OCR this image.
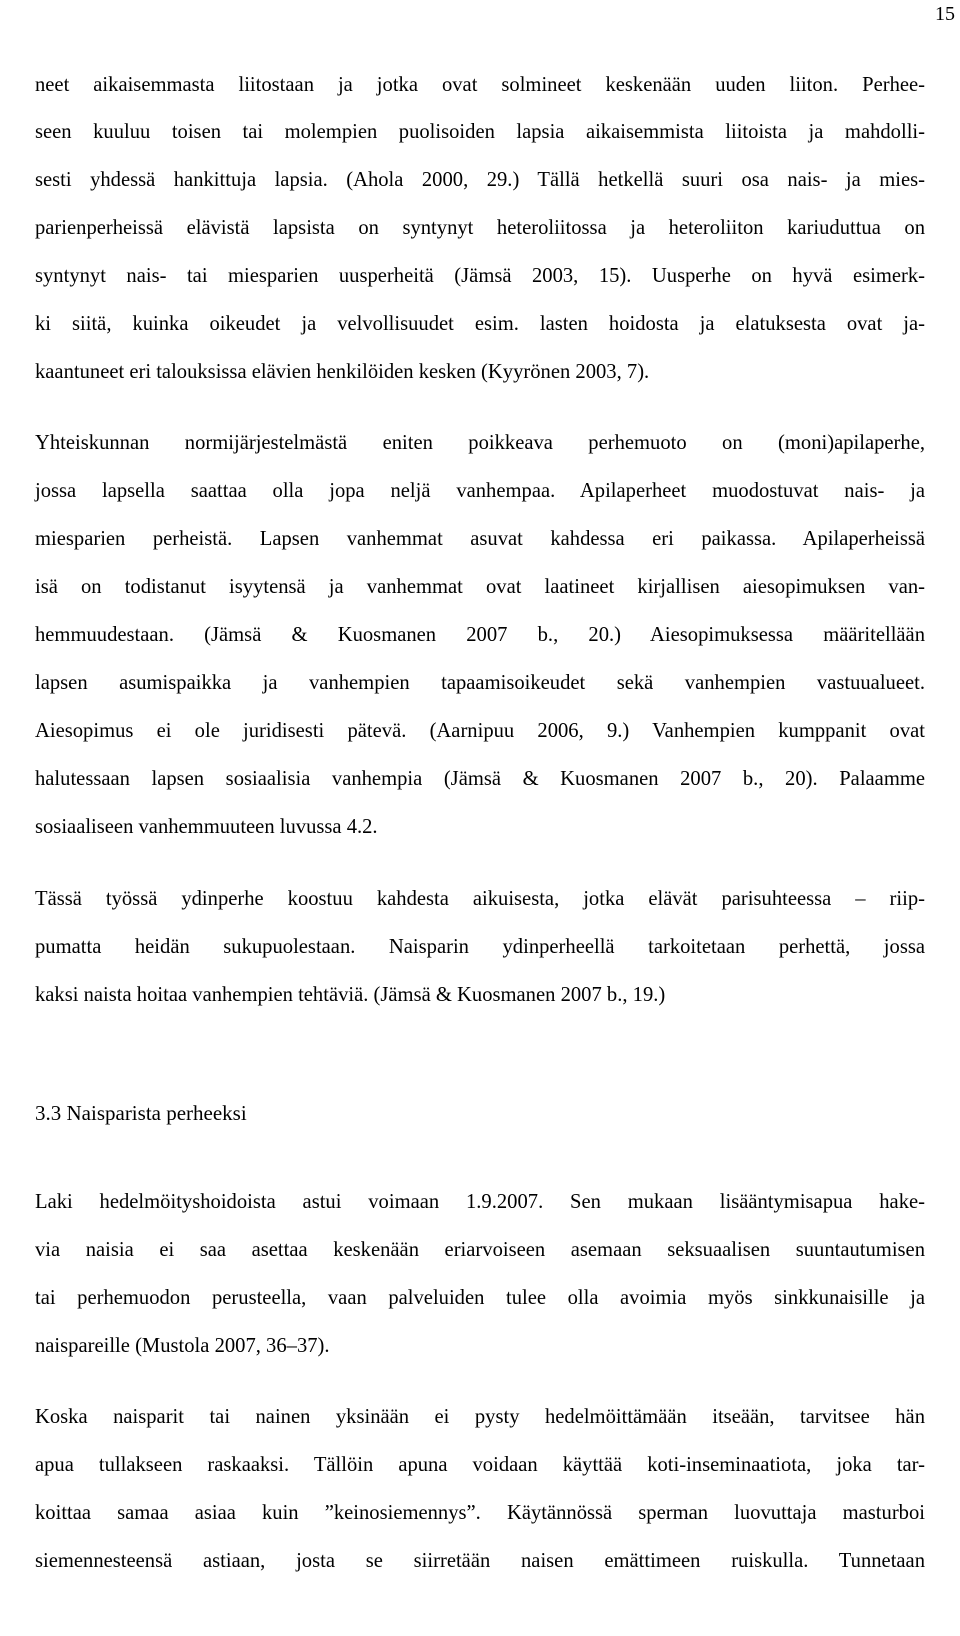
15
neet aikaisemmasta liitostaan ja jotka ovat solmineet keskenään uuden liiton. Perhee-
seen kuuluu toisen tai molempien puolisoiden lapsia aikaisemmista liitoista ja mahdolli-
sesti yhdessä hankittuja lapsia. (Ahola 2000, 29.) Tällä hetkellä suuri osa nais- ja mies-
parienperheissä elävistä lapsista on syntynyt heteroliitossa ja heteroliiton kariuduttua on
syntynyt nais- tai miesparien uusperheitä (Jämsä 2003, 15). Uusperhe on hyvä esimerk-
ki siitä, kuinka oikeudet ja velvollisuudet esim. lasten hoidosta ja elatuksesta ovat ja-
kaantuneet eri talouksissa elävien henkilöiden kesken (Kyyrönen 2003, 7).
Yhteiskunnan normijärjestelmästä eniten poikkeava perhemuoto on (moni)apilaperhe,
jossa lapsella saattaa olla jopa neljä vanhempaa. Apilaperheet muodostuvat nais- ja
miesparien perheistä. Lapsen vanhemmat asuvat kahdessa eri paikassa. Apilaperheissä
isä on todistanut isyytensä ja vanhemmat ovat laatineet kirjallisen aiesopimuksen van-
hemmuudestaan. (Jämsä & Kuosmanen 2007 b., 20.) Aiesopimuksessa määritellään
lapsen asumispaikka ja vanhempien tapaamisoikeudet sekä vanhempien vastuualueet.
Aiesopimus ei ole juridisesti pätevä. (Aarnipuu 2006, 9.) Vanhempien kumppanit ovat
halutessaan lapsen sosiaalisia vanhempia (Jämsä & Kuosmanen 2007 b., 20). Palaamme
sosiaaliseen vanhemmuuteen luvussa 4.2.
Tässä työssä ydinperhe koostuu kahdesta aikuisesta, jotka elävät parisuhteessa – riip-
pumatta heidän sukupuolestaan. Naisparin ydinperheellä tarkoitetaan perhettä, jossa
kaksi naista hoitaa vanhempien tehtäviä. (Jämsä & Kuosmanen 2007 b., 19.)
3.3 Naisparista perheeksi
Laki hedelmöityshoidoista astui voimaan 1.9.2007. Sen mukaan lisääntymisapua hake-
via naisia ei saa asettaa keskenään eriarvoiseen asemaan seksuaalisen suuntautumisen
tai perhemuodon perusteella, vaan palveluiden tulee olla avoimia myös sinkkunaisille ja
naispareille (Mustola 2007, 36–37).
Koska naisparit tai nainen yksinään ei pysty hedelmöittämään itseään, tarvitsee hän
apua tullakseen raskaaksi. Tällöin apuna voidaan käyttää koti-inseminaatiota, joka tar-
koittaa samaa asiaa kuin ”keinosiemennys”. Käytännössä sperman luovuttaja masturboi
siemennesteensä astiaan, josta se siirretään naisen emättimeen ruiskulla. Tunnetaan
